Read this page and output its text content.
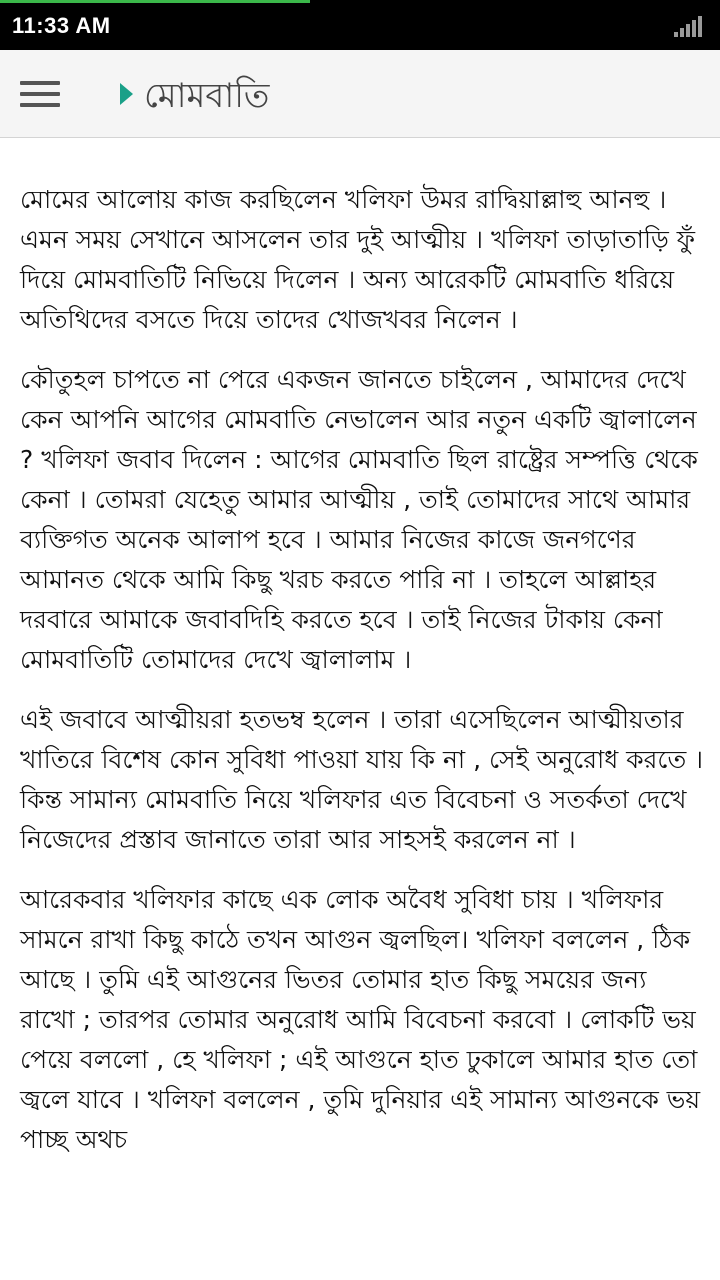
11:33 AM
মোমবাতি

মোমের আলোয় কাজ করছিলেন খলিফা উমর রাদ্বিয়াল্লাহু আনহু । এমন সময় সেখানে আসলেন তার দুই আত্মীয় । খলিফা তাড়াতাড়ি ফুঁ দিয়ে মোমবাতিটি নিভিয়ে দিলেন । অন্য আরেকটি মোমবাতি ধরিয়ে অতিথিদের বসতে দিয়ে তাদের খোজখবর নিলেন ।

কৌতুহল চাপতে না পেরে একজন জানতে চাইলেন , আমাদের দেখে কেন আপনি আগের মোমবাতি নেভালেন আর নতুন একটি জ্বালালেন ? খলিফা জবাব দিলেন : আগের মোমবাতি ছিল রাষ্ট্রের সম্পত্তি থেকে কেনা । তোমরা যেহেতু আমার আত্মীয় , তাই তোমাদের সাথে আমার ব্যক্তিগত অনেক আলাপ হবে । আমার নিজের কাজে জনগণের আমানত থেকে আমি কিছু খরচ করতে পারি না । তাহলে আল্লাহর দরবারে আমাকে জবাবদিহি করতে হবে । তাই নিজের টাকায় কেনা মোমবাতিটি তোমাদের দেখে জ্বালালাম ।

এই জবাবে আত্মীয়রা হতভম্ব হলেন । তারা এসেছিলেন আত্মীয়তার খাতিরে বিশেষ কোন সুবিধা পাওয়া যায় কি না , সেই অনুরোধ করতে । কিন্ত সামান্য মোমবাতি নিয়ে খলিফার এত বিবেচনা ও সতর্কতা দেখে নিজেদের প্রস্তাব জানাতে তারা আর সাহসই করলেন না ।

আরেকবার খলিফার কাছে এক লোক অবৈধ সুবিধা চায় । খলিফার সামনে রাখা কিছু কাঠে তখন আগুন জ্বলছিল। খলিফা বললেন , ঠিক আছে । তুমি এই আগুনের ভিতর তোমার হাত কিছু সময়ের জন্য রাখো ; তারপর তোমার অনুরোধ আমি বিবেচনা করবো । লোকটি ভয় পেয়ে বললো , হে খলিফা ; এই আগুনে হাত ঢুকালে আমার হাত তো জ্বলে যাবে । খলিফা বললেন , তুমি দুনিয়ার এই সামান্য আগুনকে ভয় পাচ্ছ অথচ
